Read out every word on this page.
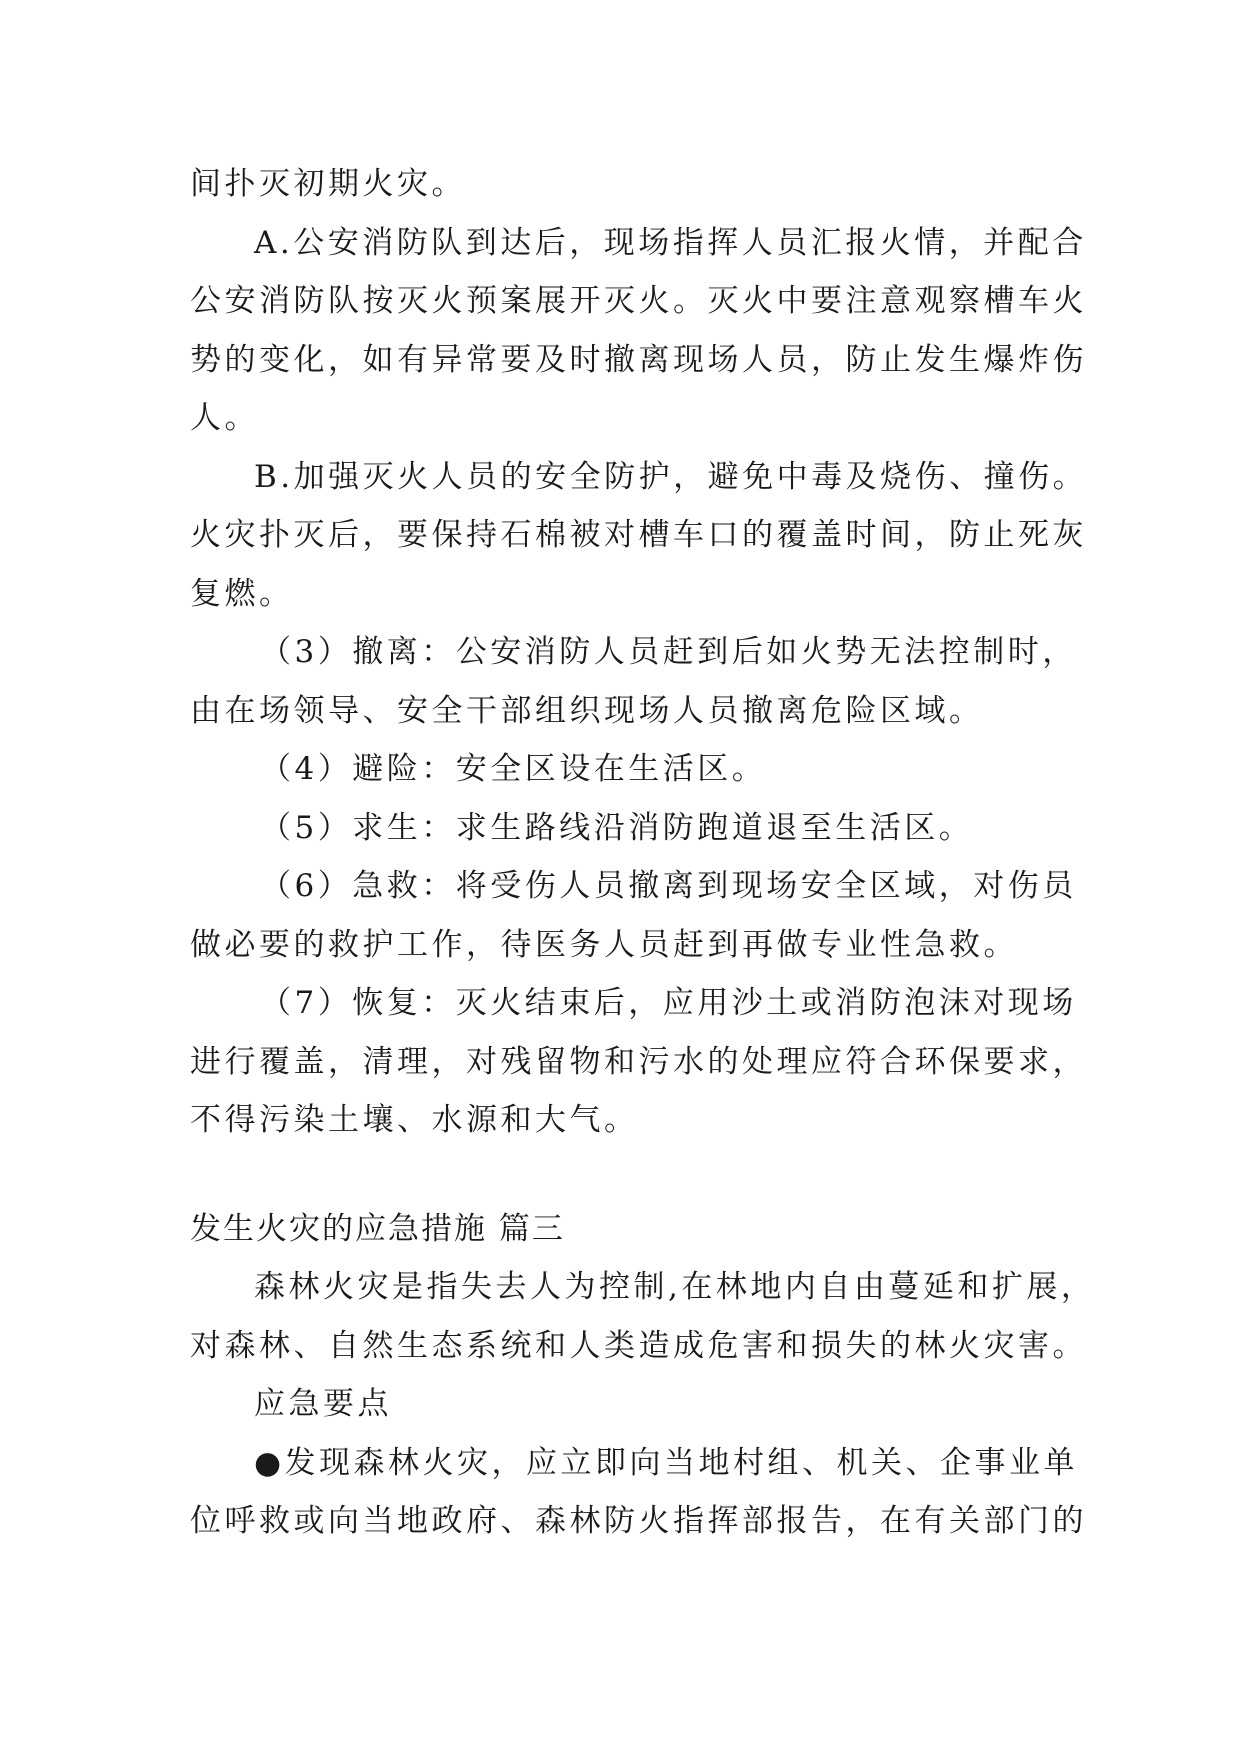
间扑灭初期火灾。
A.公安消防队到达后，现场指挥人员汇报火情，并配合
公安消防队按灭火预案展开灭火。灭火中要注意观察槽车火
势的变化，如有异常要及时撤离现场人员，防止发生爆炸伤
人。
B.加强灭火人员的安全防护，避免中毒及烧伤、撞伤。
火灾扑灭后，要保持石棉被对槽车口的覆盖时间，防止死灰
复燃。
（3）撤离：公安消防人员赶到后如火势无法控制时，
由在场领导、安全干部组织现场人员撤离危险区域。
（4）避险：安全区设在生活区。
（5）求生：求生路线沿消防跑道退至生活区。
（6）急救：将受伤人员撤离到现场安全区域，对伤员
做必要的救护工作，待医务人员赶到再做专业性急救。
（7）恢复：灭火结束后，应用沙土或消防泡沫对现场
进行覆盖，清理，对残留物和污水的处理应符合环保要求，
不得污染土壤、水源和大气。
发生火灾的应急措施 篇三
森林火灾是指失去人为控制,在林地内自由蔓延和扩展，
对森林、自然生态系统和人类造成危害和损失的林火灾害。
应急要点
●发现森林火灾，应立即向当地村组、机关、企事业单
位呼救或向当地政府、森林防火指挥部报告，在有关部门的
